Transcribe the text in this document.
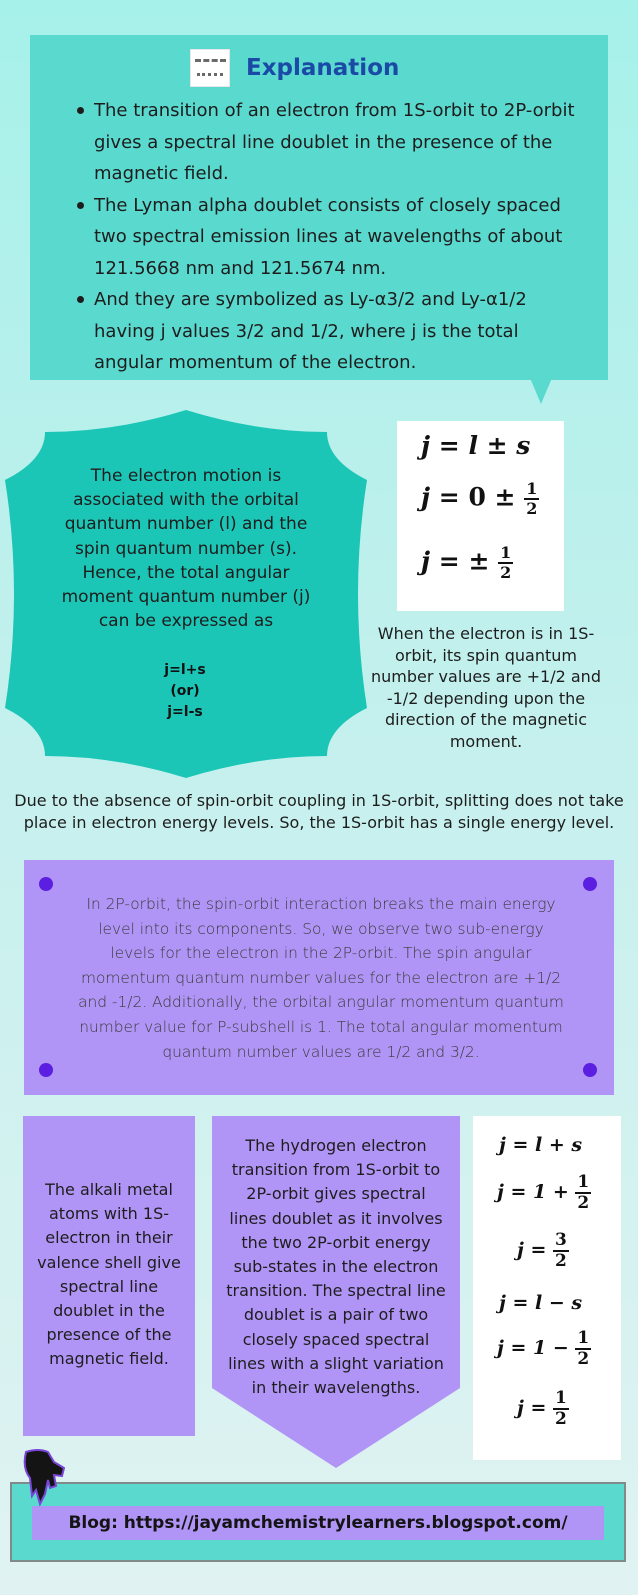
Explanation
The transition of an electron from 1S-orbit to 2P-orbit gives a spectral line doublet in the presence of the magnetic field.
The Lyman alpha doublet consists of closely spaced two spectral emission lines at wavelengths of about 121.5668 nm and 121.5674 nm.
And they are symbolized as Ly-α3/2 and Ly-α1/2 having j values 3/2 and 1/2, where j is the total angular momentum of the electron.
The electron motion is associated with the orbital quantum number (l) and the spin quantum number (s). Hence, the total angular moment quantum number (j) can be expressed as
j=l+s
(or)
j=l-s
j = l ± s
$j = 0 \pm \frac{1}{2}$
j = ± $\frac{1}{2}$
When the electron is in 1S-orbit, its spin quantum number values are +1/2 and -1/2 depending upon the direction of the magnetic moment.
Due to the absence of spin-orbit coupling in 1S-orbit, splitting does not take place in electron energy levels. So, the 1S-orbit has a single energy level.
In 2P-orbit, the spin-orbit interaction breaks the main energy level into its components. So, we observe two sub-energy levels for the electron in the 2P-orbit. The spin angular momentum quantum number values for the electron are +1/2 and -1/2. Additionally, the orbital angular momentum quantum number value for P-subshell is 1. The total angular momentum quantum number values are 1/2 and 3/2.
The alkali metal atoms with 1S-electron in their valence shell give spectral line doublet in the presence of the magnetic field.
The hydrogen electron transition from 1S-orbit to 2P-orbit gives spectral lines doublet as it involves the two 2P-orbit energy sub-states in the electron transition. The spectral line doublet is a pair of two closely spaced spectral lines with a slight variation in their wavelengths.
j = l + s
$j = 1 + \frac{1}{2}$
$j = \frac{3}{2}$
j = l − s
$j = 1 - \frac{1}{2}$
$j = \frac{1}{2}$
Blog: https://jayamchemistrylearners.blogspot.com/
